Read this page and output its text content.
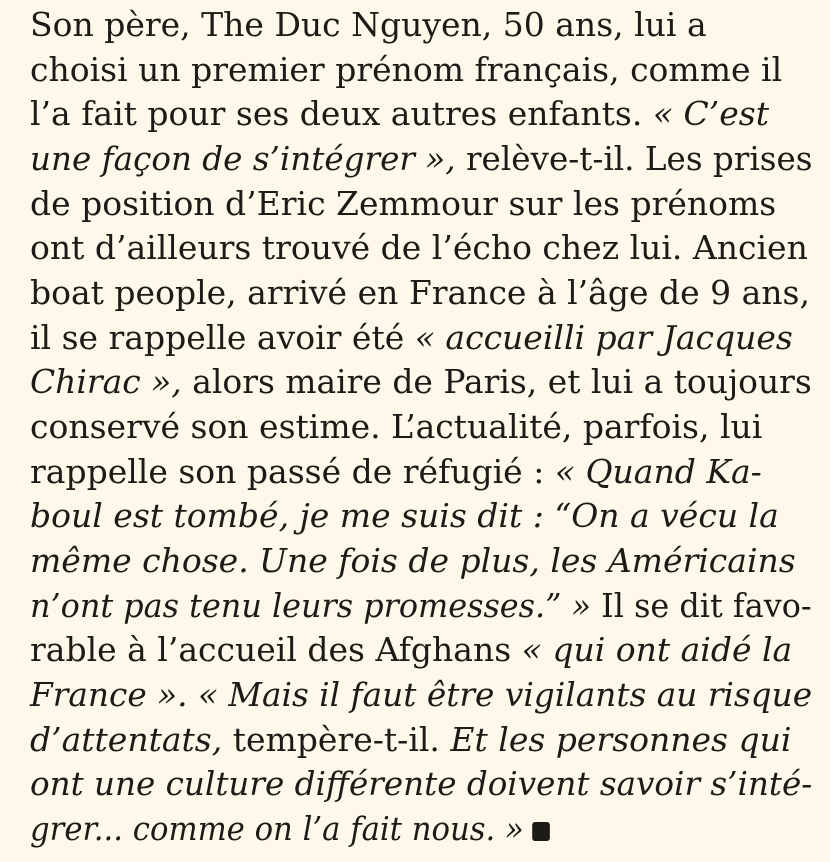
Son père, The Duc Nguyen, 50 ans, lui a
choisi un premier prénom français, comme il
l’a fait pour ses deux autres enfants. « C’est
une façon de s’intégrer », relève-t-il. Les prises
de position d’Eric Zemmour sur les prénoms
ont d’ailleurs trouvé de l’écho chez lui. Ancien
boat people, arrivé en France à l’âge de 9 ans,
il se rappelle avoir été « accueilli par Jacques
Chirac », alors maire de Paris, et lui a toujours
conservé son estime. L’actualité, parfois, lui
rappelle son passé de réfugié : « Quand Ka-
boul est tombé, je me suis dit : “On a vécu la
même chose. Une fois de plus, les Américains
n’ont pas tenu leurs promesses.” » Il se dit favo-
rable à l’accueil des Afghans « qui ont aidé la
France ». « Mais il faut être vigilants au risque
d’attentats, tempère-t-il. Et les personnes qui
ont une culture différente doivent savoir s’inté-
grer... comme on l’a fait nous. »
